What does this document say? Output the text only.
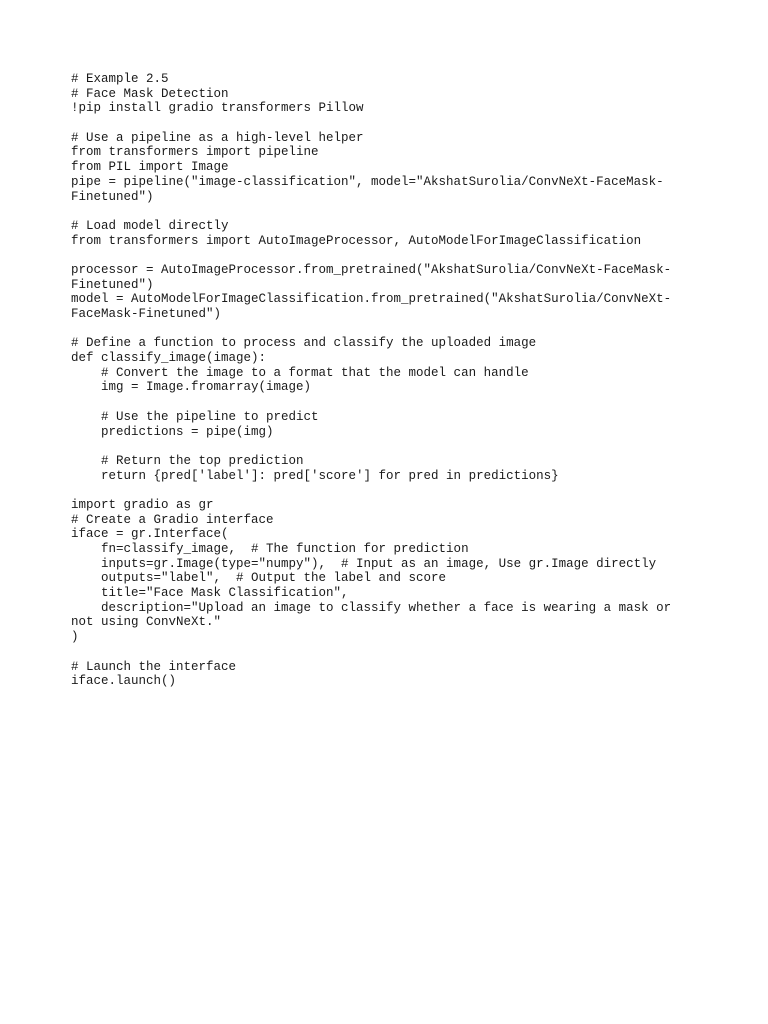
# Example 2.5
# Face Mask Detection
!pip install gradio transformers Pillow
# Use a pipeline as a high-level helper
from transformers import pipeline
from PIL import Image
pipe = pipeline("image-classification", model="AkshatSurolia/ConvNeXt-FaceMask-
Finetuned")
# Load model directly
from transformers import AutoImageProcessor, AutoModelForImageClassification
processor = AutoImageProcessor.from_pretrained("AkshatSurolia/ConvNeXt-FaceMask-
Finetuned")
model = AutoModelForImageClassification.from_pretrained("AkshatSurolia/ConvNeXt-
FaceMask-Finetuned")
# Define a function to process and classify the uploaded image
def classify_image(image):
# Convert the image to a format that the model can handle
img = Image.fromarray(image)
# Use the pipeline to predict
predictions = pipe(img)
# Return the top prediction
return {pred['label']: pred['score'] for pred in predictions}
import gradio as gr
# Create a Gradio interface
iface = gr.Interface(
fn=classify_image,  # The function for prediction
inputs=gr.Image(type="numpy"),  # Input as an image, Use gr.Image directly
outputs="label",  # Output the label and score
title="Face Mask Classification",
description="Upload an image to classify whether a face is wearing a mask or
not using ConvNeXt."
)
# Launch the interface
iface.launch()
